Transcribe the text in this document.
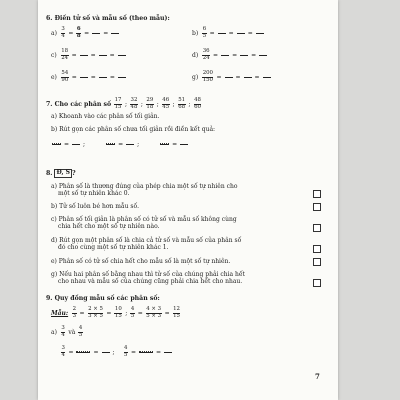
6. Điền tử số và mẫu số (theo mẫu):
$a) \frac{3}{4} = \frac{6}{8}$ = =	$b) \frac{6}{5}$ = = =
$c) \frac{18}{24}$ = = =	$d) \frac{36}{24}$ = = =
$e) \frac{54}{90}$ = = =	$g) \frac{200}{150}$ = = =
7. Cho các phân số $\frac{17}{15}$ ; $\frac{32}{48}$ ; $\frac{29}{18}$ ; $\frac{46}{45}$ ; $\frac{51}{68}$ ; $\frac{48}{60}$
a) Khoanh vào các phân số tối giản.
b) Rút gọn các phân số chưa tối giản rồi điền kết quả:
= ;	= ;	=
8. Đ, S ?
a) Phân số là thương đúng của phép chia một số tự nhiên cho
một số tự nhiên khác 0.
b) Tử số luôn bé hơn mẫu số.
c) Phân số tối giản là phân số có tử số và mẫu số không cùng
chia hết cho một số tự nhiên nào.
d) Rút gọn một phân số là chia cả tử số và mẫu số của phân số
đó cho cùng một số tự nhiên khác 1.
e) Phân số có tử số chia hết cho mẫu số là một số tự nhiên.
g) Nếu hai phân số bằng nhau thì tử số của chúng phải chia hết
cho nhau và mẫu số của chúng cũng phải chia hết cho nhau.
9. Quy đồng mẫu số các phân số:
Mẫu: $\frac{2}{3} = \frac{2 \times 5}{3 \times 5} = \frac{10}{15}$ ; $\frac{4}{5} = \frac{4 \times 3}{5 \times 3} = \frac{12}{15}$
$a) \frac{3}{4}$ và $\frac{4}{5}$
$\frac{3}{4}$ =	= ; $\frac{4}{5}$ =	=
7
